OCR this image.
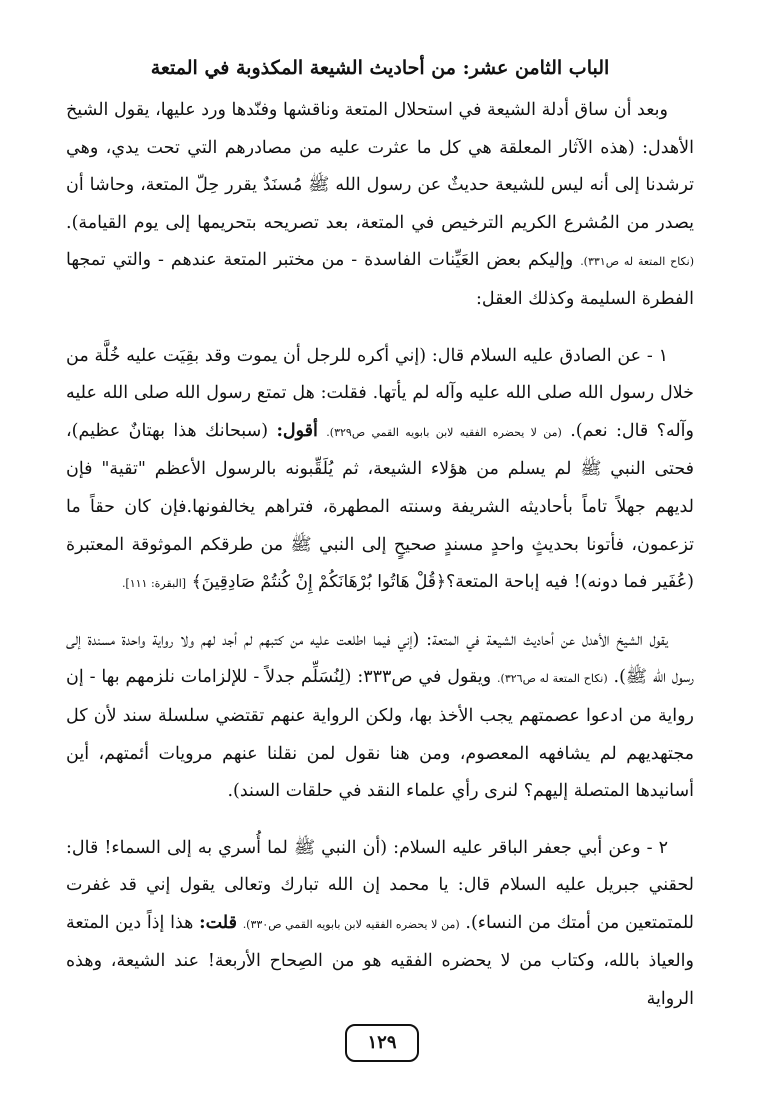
الباب الثامن عشر: من أحاديث الشيعة المكذوبة في المتعة

وبعد أن ساق أدلة الشيعة في استحلال المتعة وناقشها وفنّدها ورد عليها، يقول الشيخ الأهدل: (هذه الآثار المعلقة هي كل ما عثرت عليه من مصادرهم التي تحت يدي، وهي ترشدنا إلى أنه ليس للشيعة حديثٌ عن رسول الله ﷺ مُسنَدٌ يقرر حِلّ المتعة، وحاشا أن يصدر من المُشرع الكريم الترخيص في المتعة، بعد تصريحه بتحريمها إلى يوم القيامة). (نكاح المتعة له ص٣٣١). وإليكم بعض العَيِّنات الفاسدة - من مختبر المتعة عندهم - والتي تمجها الفطرة السليمة وكذلك العقل:

١ - عن الصادق عليه السلام قال: (إني أكره للرجل أن يموت وقد بقِيَت عليه خُلَّة من خلال رسول الله صلى الله عليه وآله لم يأتها. فقلت: هل تمتع رسول الله صلى الله عليه وآله؟ قال: نعم). (من لا يحضره الفقيه لابن بابويه القمي ص٣٢٩). أقول: (سبحانك هذا بهتانٌ عظيم)، فحتى النبي ﷺ لم يسلم من هؤلاء الشيعة، ثم يُلَقِّبونه بالرسول الأعظم "تقية" فإن لديهم جهلاً تاماً بأحاديثه الشريفة وسنته المطهرة، فتراهم يخالفونها.فإن كان حقاً ما تزعمون، فأتونا بحديثٍ واحدٍ مسندٍ صحيحٍ إلى النبي ﷺ من طرقكم الموثوقة المعتبرة (عُفَير فما دونه)! فيه إباحة المتعة؟﴿قُلْ هَاتُوا بُرْهَانَكُمْ إِنْ كُنتُمْ صَادِقِينَ﴾ [البقرة: ١١١].

يقول الشيخ الأهدل عن أحاديث الشيعة في المتعة: (إني فيما اطلعت عليه من كتبهم لم أجد لهم ولا رواية واحدة مسندة إلى رسول الله ﷺ). (نكاح المتعة له ص٣٢٦). ويقول في ص٣٣٣: (لِنُسَلِّم جدلاً - للإلزامات نلزمهم بها - إن رواية من ادعوا عصمتهم يجب الأخذ بها، ولكن الرواية عنهم تقتضي سلسلة سند لأن كل مجتهديهم لم يشافهه المعصوم، ومن هنا نقول لمن نقلنا عنهم مرويات أئمتهم، أين أسانيدها المتصلة إليهم؟ لنرى رأي علماء النقد في حلقات السند).

٢ - وعن أبي جعفر الباقر عليه السلام: (أن النبي ﷺ لما أُسري به إلى السماء! قال: لحقني جبريل عليه السلام قال: يا محمد إن الله تبارك وتعالى يقول إني قد غفرت للمتمتعين من أمتك من النساء). (من لا يحضره الفقيه لابن بابويه القمي ص٣٣٠). قلت: هذا إذاً دين المتعة والعياذ بالله، وكتاب من لا يحضره الفقيه هو من الصِحاح الأربعة! عند الشيعة، وهذه الرواية

١٢٩
